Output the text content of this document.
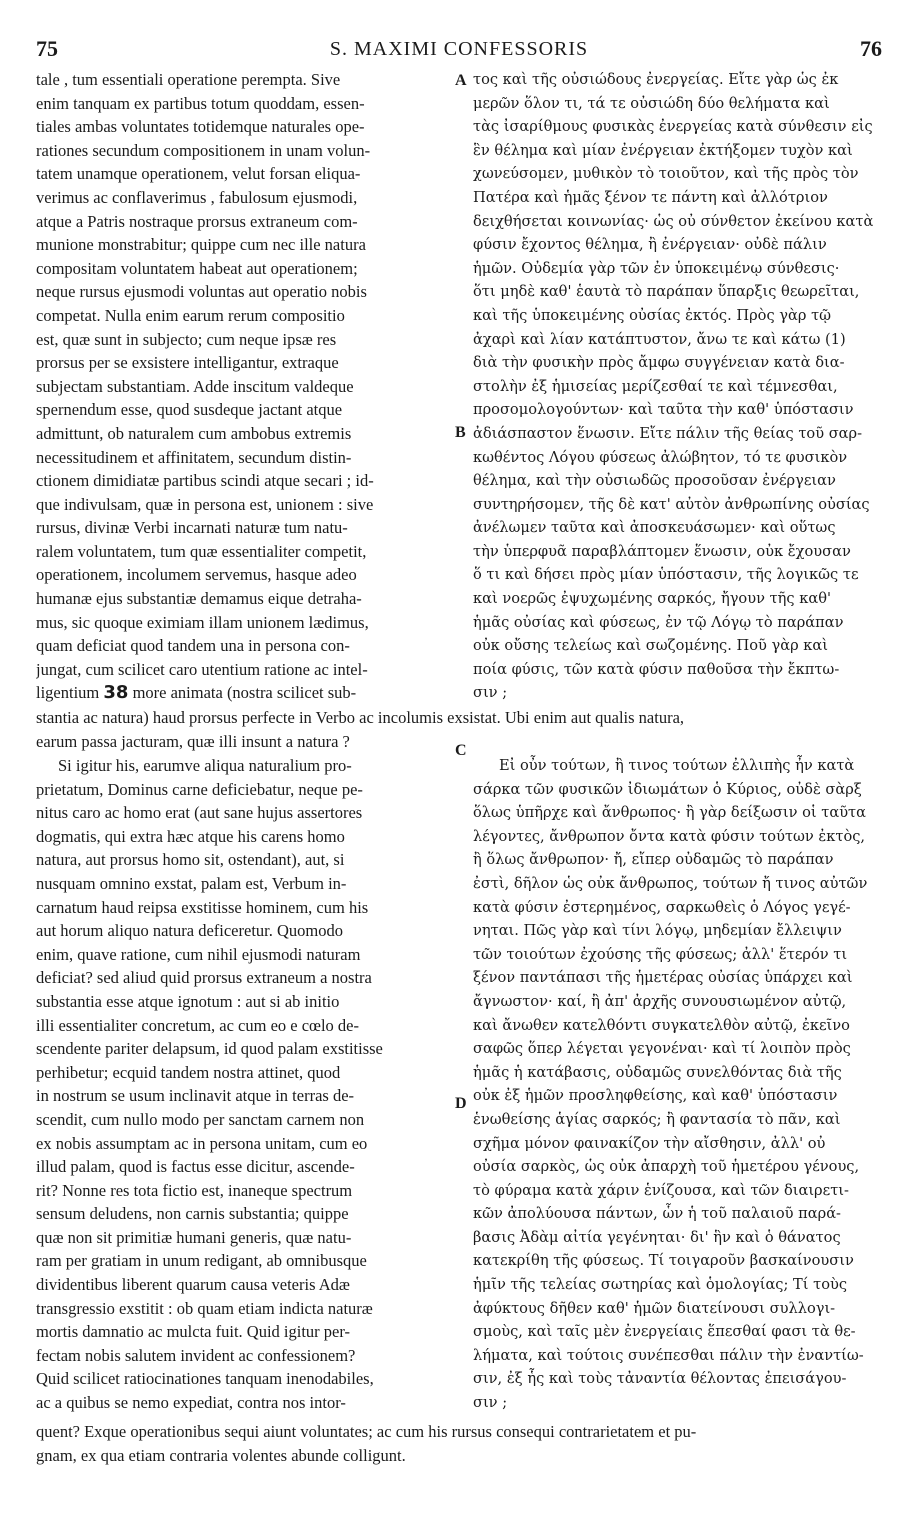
75	S. MAXIMI CONFESSORIS	76
A
B
C
D
tale , tum essentiali operatione perempta. Sive
enim tanquam ex partibus totum quoddam, essen-
tiales ambas voluntates totidemque naturales ope-
rationes secundum compositionem in unam volun-
tatem unamque operationem, velut forsan eliqua-
verimus ac conflaverimus , fabulosum ejusmodi,
atque a Patris nostraque prorsus extraneum com-
munione monstrabitur; quippe cum nec ille natura
compositam voluntatem habeat aut operationem;
neque rursus ejusmodi voluntas aut operatio nobis
competat. Nulla enim earum rerum compositio
est, quæ sunt in subjecto; cum neque ipsæ res
prorsus per se exsistere intelligantur, extraque
subjectam substantiam. Adde inscitum valdeque
spernendum esse, quod susdeque jactant atque
admittunt, ob naturalem cum ambobus extremis
necessitudinem et affinitatem, secundum distin-
ctionem dimidiatæ partibus scindi atque secari ; id-
que indivulsam, quæ in persona est, unionem : sive
rursus, divinæ Verbi incarnati naturæ tum natu-
ralem voluntatem, tum quæ essentialiter competit,
operationem, incolumem servemus, hasque adeo
humanæ ejus substantiæ demamus eique detraha-
mus, sic quoque eximiam illam unionem lædimus,
quam deficiat quod tandem una in persona con-
jungat, cum scilicet caro utentium ratione ac intel-
ligentium 38 more animata (nostra scilicet sub-
τος καὶ τῆς οὐσιώδους ἐνεργείας. Εἴτε γὰρ ὡς ἐκ
μερῶν ὅλον τι, τά τε οὐσιώδη δύο θελήματα καὶ
τὰς ἰσαρίθμους φυσικὰς ἐνεργείας κατὰ σύνθεσιν εἰς
ἓν θέλημα καὶ μίαν ἐνέργειαν ἐκτήξομεν τυχὸν καὶ
χωνεύσομεν, μυθικὸν τὸ τοιοῦτον, καὶ τῆς πρὸς τὸν
Πατέρα καὶ ἡμᾶς ξένον τε πάντη καὶ ἀλλότριον
δειχθήσεται κοινωνίας· ὡς οὐ σύνθετον ἐκείνου κατὰ
φύσιν ἔχοντος θέλημα, ἢ ἐνέργειαν· οὐδὲ πάλιν
ἡμῶν. Οὐδεμία γὰρ τῶν ἐν ὑποκειμένῳ σύνθεσις·
ὅτι μηδὲ καθ' ἑαυτὰ τὸ παράπαν ὕπαρξις θεωρεῖται,
καὶ τῆς ὑποκειμένης οὐσίας ἐκτός. Πρὸς γὰρ τῷ
ἀχαρὶ καὶ λίαν κατάπτυστον, ἄνω τε καὶ κάτω (1)
διὰ τὴν φυσικὴν πρὸς ἄμφω συγγένειαν κατὰ δια-
στολὴν ἐξ ἡμισείας μερίζεσθαί τε καὶ τέμνεσθαι,
προσομολογούντων· καὶ ταῦτα τὴν καθ' ὑπόστασιν
ἀδιάσπαστον ἕνωσιν. Εἴτε πάλιν τῆς θείας τοῦ σαρ-
κωθέντος Λόγου φύσεως ἀλώβητον, τό τε φυσικὸν
θέλημα, καὶ τὴν οὐσιωδῶς προσοῦσαν ἐνέργειαν
συντηρήσομεν, τῆς δὲ κατ' αὐτὸν ἀνθρωπίνης οὐσίας
ἀνέλωμεν ταῦτα καὶ ἀποσκευάσωμεν· καὶ οὕτως
τὴν ὑπερφυᾶ παραβλάπτομεν ἕνωσιν, οὐκ ἔχουσαν
ὅ τι καὶ δήσει πρὸς μίαν ὑπόστασιν, τῆς λογικῶς τε
καὶ νοερῶς ἐψυχωμένης σαρκός, ἤγουν τῆς καθ'
ἡμᾶς οὐσίας καὶ φύσεως, ἐν τῷ Λόγῳ τὸ παράπαν
οὐκ οὔσης τελείως καὶ σωζομένης. Ποῦ γὰρ καὶ
ποία φύσις, τῶν κατὰ φύσιν παθοῦσα τὴν ἔκπτω-
σιν ;
stantia ac natura) haud prorsus perfecte in Verbo ac incolumis exsistat. Ubi enim aut qualis natura,
earum passa jacturam, quæ illi insunt a natura ?
Si igitur his, earumve aliqua naturalium pro-
prietatum, Dominus carne deficiebatur, neque pe-
nitus caro ac homo erat (aut sane hujus assertores
dogmatis, qui extra hæc atque his carens homo
natura, aut prorsus homo sit, ostendant), aut, si
nusquam omnino exstat, palam est, Verbum in-
carnatum haud reipsa exstitisse hominem, cum his
aut horum aliquo natura deficeretur. Quomodo
enim, quave ratione, cum nihil ejusmodi naturam
deficiat? sed aliud quid prorsus extraneum a nostra
substantia esse atque ignotum : aut si ab initio
illi essentialiter concretum, ac cum eo e cœlo de-
scendente pariter delapsum, id quod palam exstitisse
perhibetur; ecquid tandem nostra attinet, quod
in nostrum se usum inclinavit atque in terras de-
scendit, cum nullo modo per sanctam carnem non
ex nobis assumptam ac in persona unitam, cum eo
illud palam, quod is factus esse dicitur, ascende-
rit? Nonne res tota fictio est, inaneque spectrum
sensum deludens, non carnis substantia; quippe
quæ non sit primitiæ humani generis, quæ natu-
ram per gratiam in unum redigant, ab omnibusque
dividentibus liberent quarum causa veteris Adæ
transgressio exstitit : ob quam etiam indicta naturæ
mortis damnatio ac mulcta fuit. Quid igitur per-
fectam nobis salutem invident ac confessionem?
Quid scilicet ratiocinationes tanquam inenodabiles,
ac a quibus se nemo expediat, contra nos intor-
Εἰ οὖν τούτων, ἢ τινος τούτων ἐλλιπὴς ἦν κατὰ
σάρκα τῶν φυσικῶν ἰδιωμάτων ὁ Κύριος, οὐδὲ σὰρξ
ὅλως ὑπῆρχε καὶ ἄνθρωπος· ἢ γὰρ δείξωσιν οἱ ταῦτα
λέγοντες, ἄνθρωπον ὄντα κατὰ φύσιν τούτων ἐκτὸς,
ἢ ὅλως ἄνθρωπον· ἤ, εἴπερ οὐδαμῶς τὸ παράπαν
ἐστὶ, δῆλον ὡς οὐκ ἄνθρωπος, τούτων ἤ τινος αὐτῶν
κατὰ φύσιν ἐστερημένος, σαρκωθεὶς ὁ Λόγος γεγέ-
νηται. Πῶς γὰρ καὶ τίνι λόγῳ, μηδεμίαν ἔλλειψιν
τῶν τοιούτων ἐχούσης τῆς φύσεως; ἀλλ' ἕτερόν τι
ξένον παντάπασι τῆς ἡμετέρας οὐσίας ὑπάρχει καὶ
ἄγνωστον· καί, ἢ ἀπ' ἀρχῆς συνουσιωμένον αὐτῷ,
καὶ ἄνωθεν κατελθόντι συγκατελθὸν αὐτῷ, ἐκεῖνο
σαφῶς ὅπερ λέγεται γεγονέναι· καὶ τί λοιπὸν πρὸς
ἡμᾶς ἡ κατάβασις, οὐδαμῶς συνελθόντας διὰ τῆς
οὐκ ἐξ ἡμῶν προσληφθείσης, καὶ καθ' ὑπόστασιν
ἑνωθείσης ἁγίας σαρκός; ἢ φαντασία τὸ πᾶν, καὶ
σχῆμα μόνον φαινακίζον τὴν αἴσθησιν, ἀλλ' οὐ
οὐσία σαρκὸς, ὡς οὐκ ἀπαρχὴ τοῦ ἡμετέρου γένους,
τὸ φύραμα κατὰ χάριν ἑνίζουσα, καὶ τῶν διαιρετι-
κῶν ἀπολύουσα πάντων, ὧν ἡ τοῦ παλαιοῦ παρά-
βασις Ἀδὰμ αἰτία γεγένηται· δι' ἣν καὶ ὁ θάνατος
κατεκρίθη τῆς φύσεως. Τί τοιγαροῦν βασκαίνουσιν
ἡμῖν τῆς τελείας σωτηρίας καὶ ὁμολογίας; Τί τοὺς
ἀφύκτους δῆθεν καθ' ἡμῶν διατείνουσι συλλογι-
σμοὺς, καὶ ταῖς μὲν ἐνεργείαις ἕπεσθαί φασι τὰ θε-
λήματα, καὶ τούτοις συνέπεσθαι πάλιν τὴν ἐναντίω-
σιν, ἐξ ἧς καὶ τοὺς τἀναντία θέλοντας ἐπεισάγου-
σιν ;
quent? Exque operationibus sequi aiunt voluntates; ac cum his rursus consequi contrarietatem et pu-
gnam, ex qua etiam contraria volentes abunde colligunt.
